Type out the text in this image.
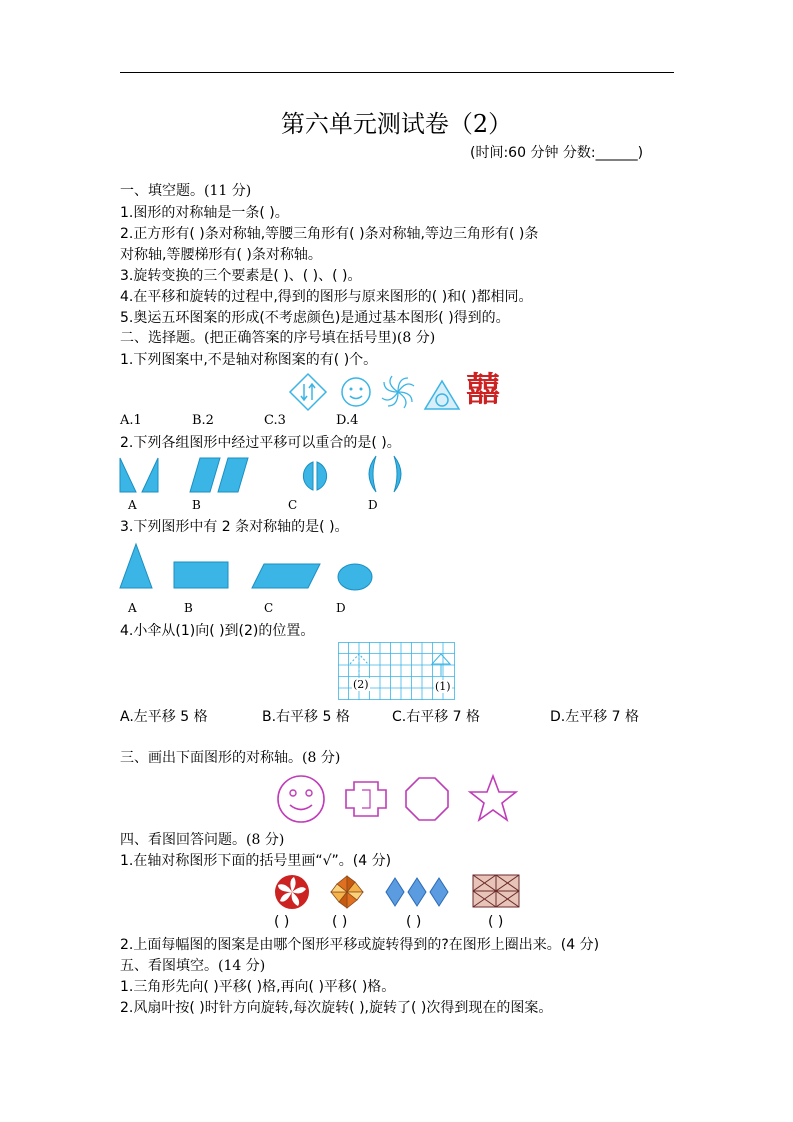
第六单元测试卷（2）
(时间:60 分钟 分数:______)
一、填空题。(11 分)
1.图形的对称轴是一条( )。
2.正方形有( )条对称轴,等腰三角形有( )条对称轴,等边三角形有( )条
对称轴,等腰梯形有( )条对称轴。
3.旋转变换的三个要素是( )、( )、( )。
4.在平移和旋转的过程中,得到的图形与原来图形的( )和( )都相同。
5.奥运五环图案的形成(不考虑颜色)是通过基本图形( )得到的。
二、选择题。(把正确答案的序号填在括号里)(8 分)
1.下列图案中,不是轴对称图案的有( )个。
囍
A.1	B.2	C.3	D.4
2.下列各组图形中经过平移可以重合的是( )。
A	B	C	D
3.下列图形中有 2 条对称轴的是( )。
A	B	C	D
4.小伞从(1)向( )到(2)的位置。
(2)	(1)
A.左平移 5 格	B.右平移 5 格	C.右平移 7 格	D.左平移 7 格
三、画出下面图形的对称轴。(8 分)
四、看图回答问题。(8 分)
1.在轴对称图形下面的括号里画“√”。(4 分)
( )	( )	( )	( )
2.上面每幅图的图案是由哪个图形平移或旋转得到的?在图形上圈出来。(4 分)
五、看图填空。(14 分)
1.三角形先向( )平移( )格,再向( )平移( )格。
2.风扇叶按( )时针方向旋转,每次旋转( ),旋转了( )次得到现在的图案。
